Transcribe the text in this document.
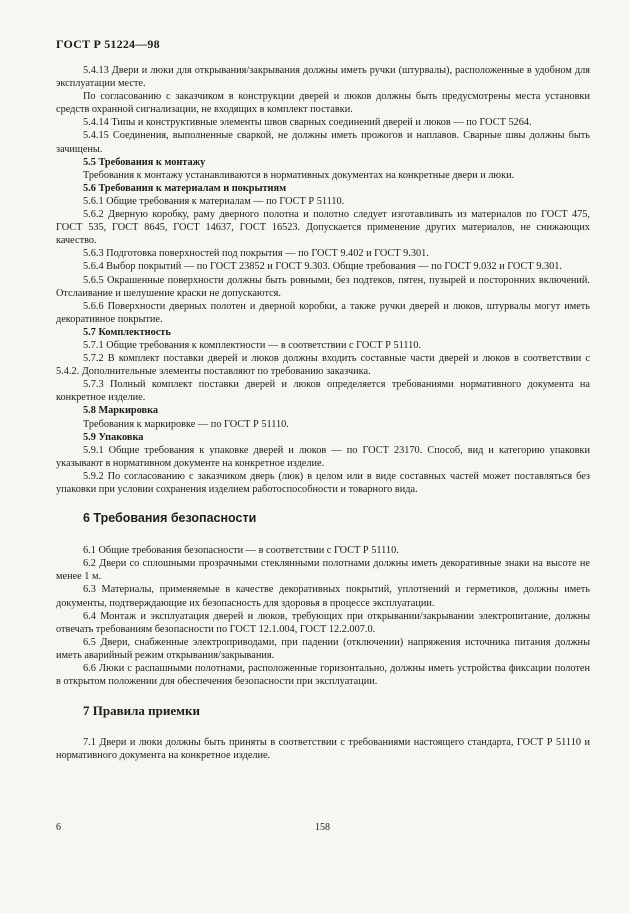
ГОСТ Р 51224—98

5.4.13 Двери и люки для открывания/закрывания должны иметь ручки (штурвалы), расположенные в удобном для эксплуатации месте.

По согласованию с заказчиком в конструкции дверей и люков должны быть предусмотрены места установки средств охранной сигнализации, не входящих в комплект поставки.

5.4.14 Типы и конструктивные элементы швов сварных соединений дверей и люков — по ГОСТ 5264.

5.4.15 Соединения, выполненные сваркой, не должны иметь прожогов и наплавов. Сварные швы должны быть зачищены.

5.5 Требования к монтажу

Требования к монтажу устанавливаются в нормативных документах на конкретные двери и люки.

5.6 Требования к материалам и покрытиям

5.6.1 Общие требования к материалам — по ГОСТ Р 51110.

5.6.2 Дверную коробку, раму дверного полотна и полотно следует изготавливать из материалов по ГОСТ 475, ГОСТ 535, ГОСТ 8645, ГОСТ 14637, ГОСТ 16523. Допускается применение других материалов, не снижающих качество.

5.6.3 Подготовка поверхностей под покрытия — по ГОСТ 9.402 и ГОСТ 9.301.

5.6.4 Выбор покрытий — по ГОСТ 23852 и ГОСТ 9.303. Общие требования — по ГОСТ 9.032 и ГОСТ 9.301.

5.6.5 Окрашенные поверхности должны быть ровными, без подтеков, пятен, пузырей и посторонних включений. Отслаивание и шелушение краски не допускаются.

5.6.6 Поверхности дверных полотен и дверной коробки, а также ручки дверей и люков, штурвалы могут иметь декоративное покрытие.

5.7 Комплектность

5.7.1 Общие требования к комплектности — в соответствии с ГОСТ Р 51110.

5.7.2 В комплект поставки дверей и люков должны входить составные части дверей и люков в соответствии с 5.4.2. Дополнительные элементы поставляют по требованию заказчика.

5.7.3 Полный комплект поставки дверей и люков определяется требованиями нормативного документа на конкретное изделие.

5.8 Маркировка

Требования к маркировке — по ГОСТ Р 51110.

5.9 Упаковка

5.9.1 Общие требования к упаковке дверей и люков — по ГОСТ 23170. Способ, вид и категорию упаковки указывают в нормативном документе на конкретное изделие.

5.9.2 По согласованию с заказчиком дверь (люк) в целом или в виде составных частей может поставляться без упаковки при условии сохранения изделием работоспособности и товарного вида.

6 Требования безопасности

6.1 Общие требования безопасности — в соответствии с ГОСТ Р 51110.

6.2 Двери со сплошными прозрачными стеклянными полотнами должны иметь декоративные знаки на высоте не менее 1 м.

6.3 Материалы, применяемые в качестве декоративных покрытий, уплотнений и герметиков, должны иметь документы, подтверждающие их безопасность для здоровья в процессе эксплуатации.

6.4 Монтаж и эксплуатация дверей и люков, требующих при открывании/закрывании электропитание, должны отвечать требованиям безопасности по ГОСТ 12.1.004, ГОСТ 12.2.007.0.

6.5 Двери, снабженные электроприводами, при падении (отключении) напряжения источника питания должны иметь аварийный режим открывания/закрывания.

6.6 Люки с распашными полотнами, расположенные горизонтально, должны иметь устройства фиксации полотен в открытом положении для обеспечения безопасности при эксплуатации.

7 Правила приемки

7.1 Двери и люки должны быть приняты в соответствии с требованиями настоящего стандарта, ГОСТ Р 51110 и нормативного документа на конкретное изделие.

6	158
